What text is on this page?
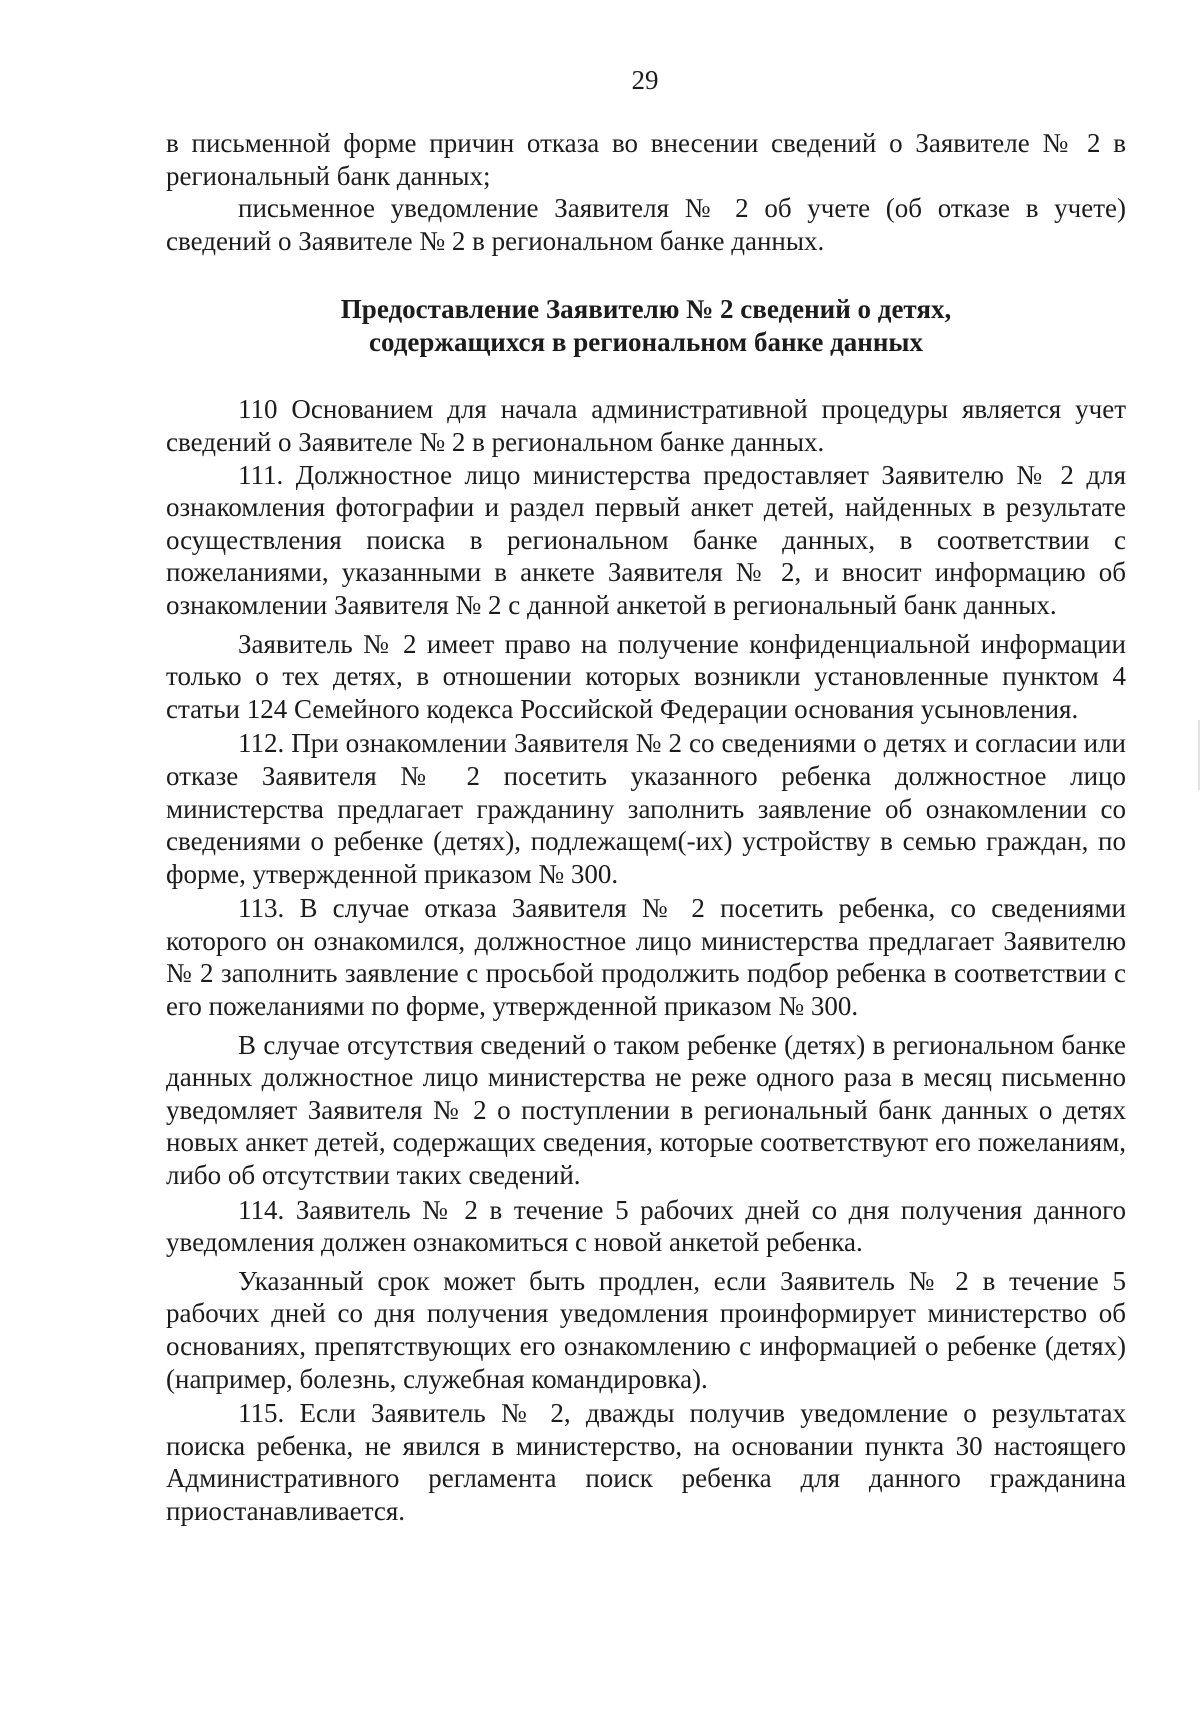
29

в письменной форме причин отказа во внесении сведений о Заявителе № 2 в региональный банк данных;

письменное уведомление Заявителя № 2 об учете (об отказе в учете) сведений о Заявителе № 2 в региональном банке данных.

Предоставление Заявителю № 2 сведений о детях,
содержащихся в региональном банке данных

110 Основанием для начала административной процедуры является учет сведений о Заявителе № 2 в региональном банке данных.

111. Должностное лицо министерства предоставляет Заявителю № 2 для ознакомления фотографии и раздел первый анкет детей, найденных в результате осуществления поиска в региональном банке данных, в соответствии с пожеланиями, указанными в анкете Заявителя № 2, и вносит информацию об ознакомлении Заявителя № 2 с данной анкетой в региональный банк данных.

Заявитель № 2 имеет право на получение конфиденциальной информации только о тех детях, в отношении которых возникли установленные пунктом 4 статьи 124 Семейного кодекса Российской Федерации основания усыновления.

112. При ознакомлении Заявителя № 2 со сведениями о детях и согласии или отказе Заявителя № 2 посетить указанного ребенка должностное лицо министерства предлагает гражданину заполнить заявление об ознакомлении со сведениями о ребенке (детях), подлежащем(-их) устройству в семью граждан, по форме, утвержденной приказом № 300.

113. В случае отказа Заявителя № 2 посетить ребенка, со сведениями которого он ознакомился, должностное лицо министерства предлагает Заявителю № 2 заполнить заявление с просьбой продолжить подбор ребенка в соответствии с его пожеланиями по форме, утвержденной приказом № 300.

В случае отсутствия сведений о таком ребенке (детях) в региональном банке данных должностное лицо министерства не реже одного раза в месяц письменно уведомляет Заявителя № 2 о поступлении в региональный банк данных о детях новых анкет детей, содержащих сведения, которые соответствуют его пожеланиям, либо об отсутствии таких сведений.

114. Заявитель № 2 в течение 5 рабочих дней со дня получения данного уведомления должен ознакомиться с новой анкетой ребенка.

Указанный срок может быть продлен, если Заявитель № 2 в течение 5 рабочих дней со дня получения уведомления проинформирует министерство об основаниях, препятствующих его ознакомлению с информацией о ребенке (детях) (например, болезнь, служебная командировка).

115. Если Заявитель № 2, дважды получив уведомление о результатах поиска ребенка, не явился в министерство, на основании пункта 30 настоящего Административного регламента поиск ребенка для данного гражданина приостанавливается.
